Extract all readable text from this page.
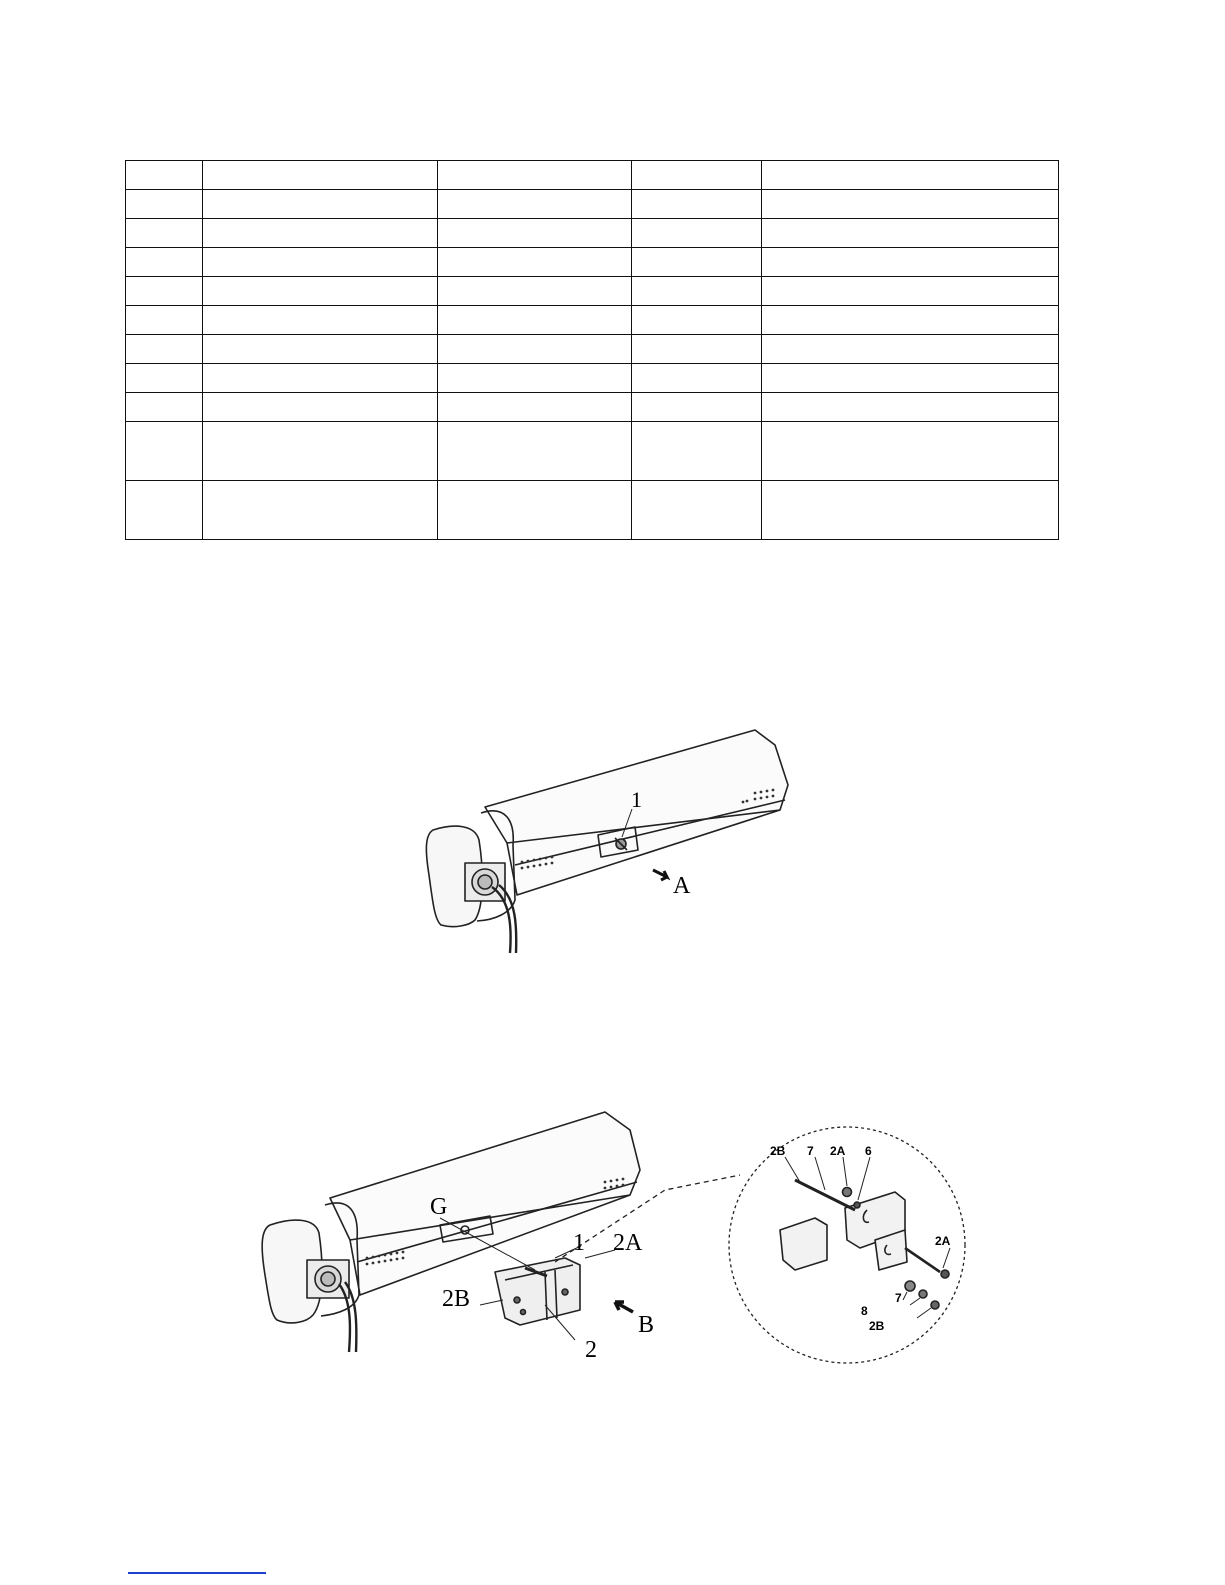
1
A
G
1 2A
2B
2
B
2B 7 2A 6
2A
7
8
2B
